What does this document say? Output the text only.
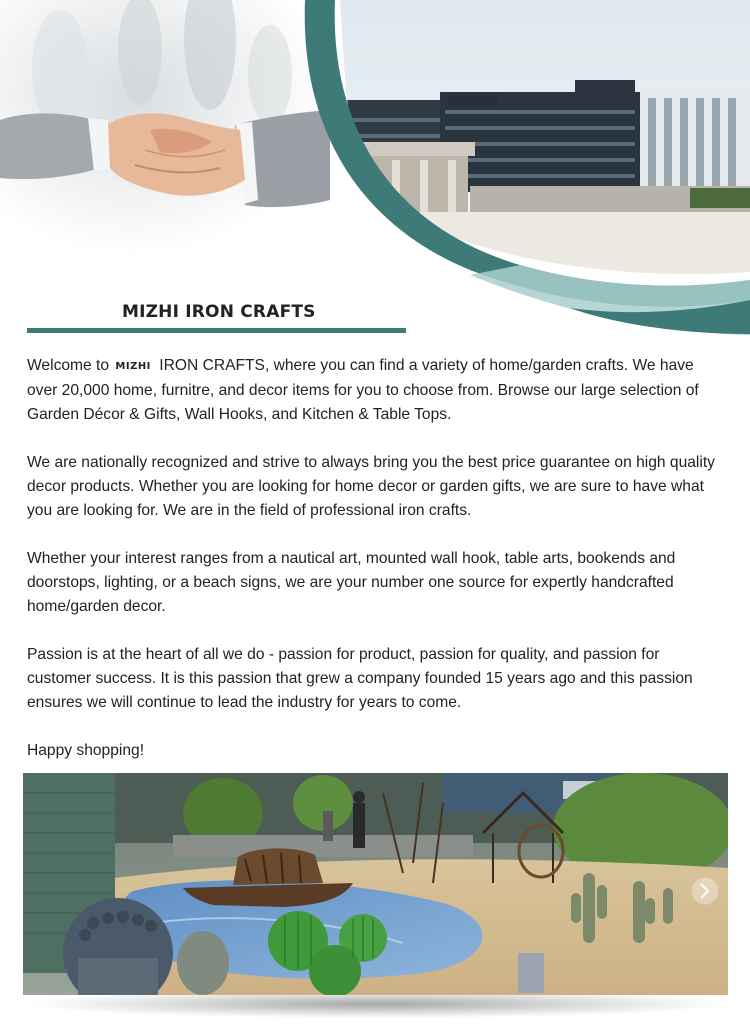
MIZHI IRON CRAFTS

Welcome to MIZHI IRON CRAFTS, where you can find a variety of home/garden crafts. We have over 20,000 home, furnitre, and decor items for you to choose from. Browse our large selection of Garden Décor & Gifts, Wall Hooks, and Kitchen & Table Tops.

We are nationally recognized and strive to always bring you the best price guarantee on high quality decor products. Whether you are looking for home decor or garden gifts, we are sure to have what you are looking for. We are in the field of professional iron crafts.

Whether your interest ranges from a nautical art, mounted wall hook, table arts, bookends and doorstops, lighting, or a beach signs, we are your number one source for expertly handcrafted home/garden decor.

Passion is at the heart of all we do - passion for product, passion for quality, and passion for customer success. It is this passion that grew a company founded 15 years ago and this passion ensures we will continue to lead the industry for years to come.

Happy shopping!
